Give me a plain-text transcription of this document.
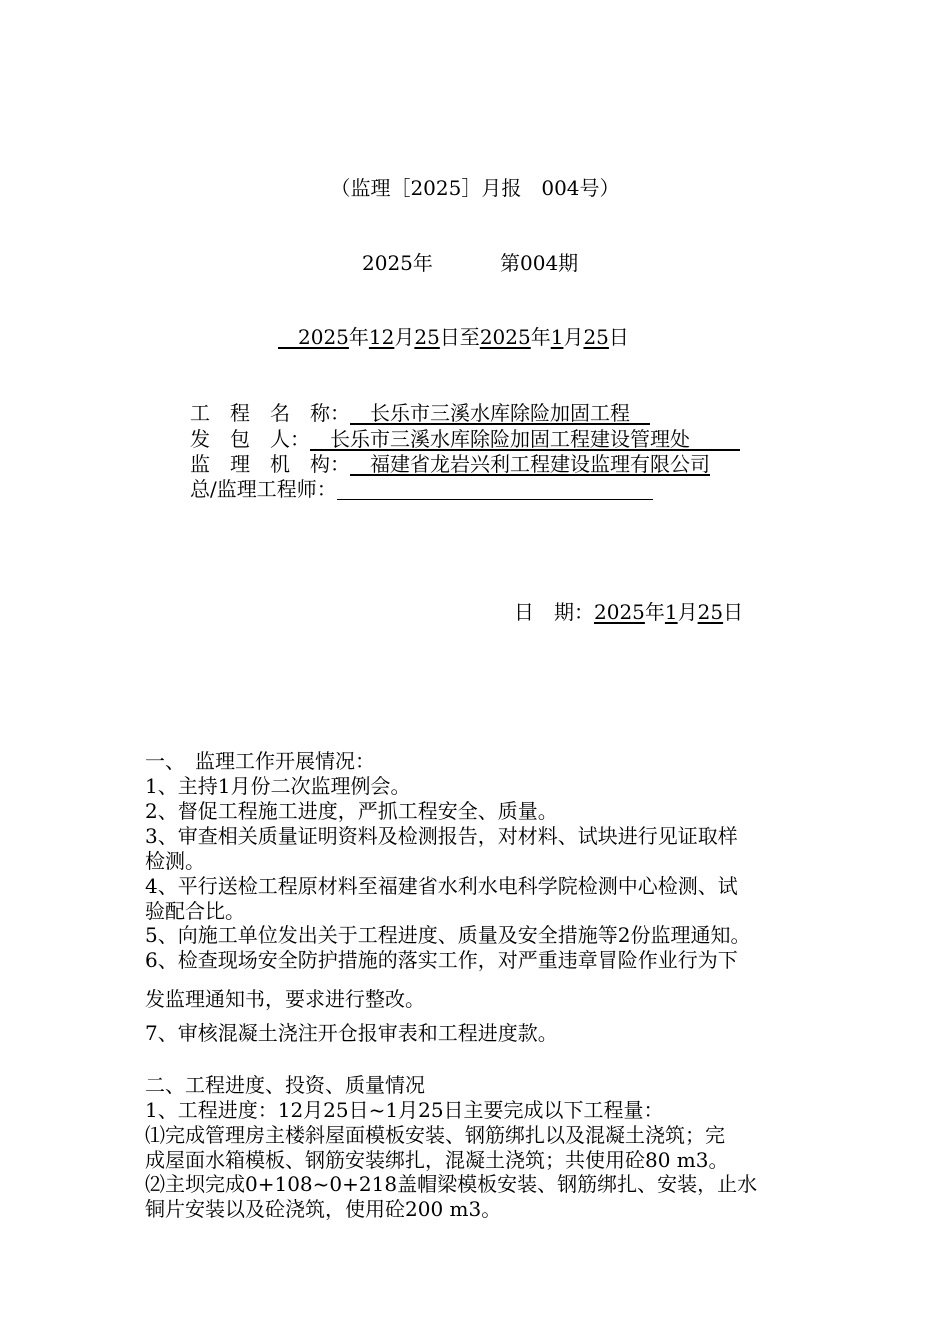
（监理［2025］月报　004号）
2025年	第004期
 2025年12月25日至2025年1月25日
工　程　名　称：   长乐市三溪水库除险加固工程  
发　包　人：   长乐市三溪水库除险加固工程建设管理处   
监　理　机　构：   福建省龙岩兴利工程建设监理有限公司
总/监理工程师：
日　期：2025年1月25日
一、　监理工作开展情况：
1、主持1月份二次监理例会。
2、督促工程施工进度，严抓工程安全、质量。
3、审查相关质量证明资料及检测报告，对材料、试块进行见证取样
检测。
4、平行送检工程原材料至福建省水利水电科学院检测中心检测、试
验配合比。
5、向施工单位发出关于工程进度、质量及安全措施等2份监理通知。
6、检查现场安全防护措施的落实工作，对严重违章冒险作业行为下
发监理通知书，要求进行整改。
7、审核混凝土浇注开仓报审表和工程进度款。
二、工程进度、投资、质量情况
1、工程进度：12月25日~1月25日主要完成以下工程量：
⑴完成管理房主楼斜屋面模板安装、钢筋绑扎以及混凝土浇筑；完
成屋面水箱模板、钢筋安装绑扎，混凝土浇筑；共使用砼80 m3。
⑵主坝完成0+108~0+218盖帽梁模板安装、钢筋绑扎、安装，止水
铜片安装以及砼浇筑，使用砼200 m3。
